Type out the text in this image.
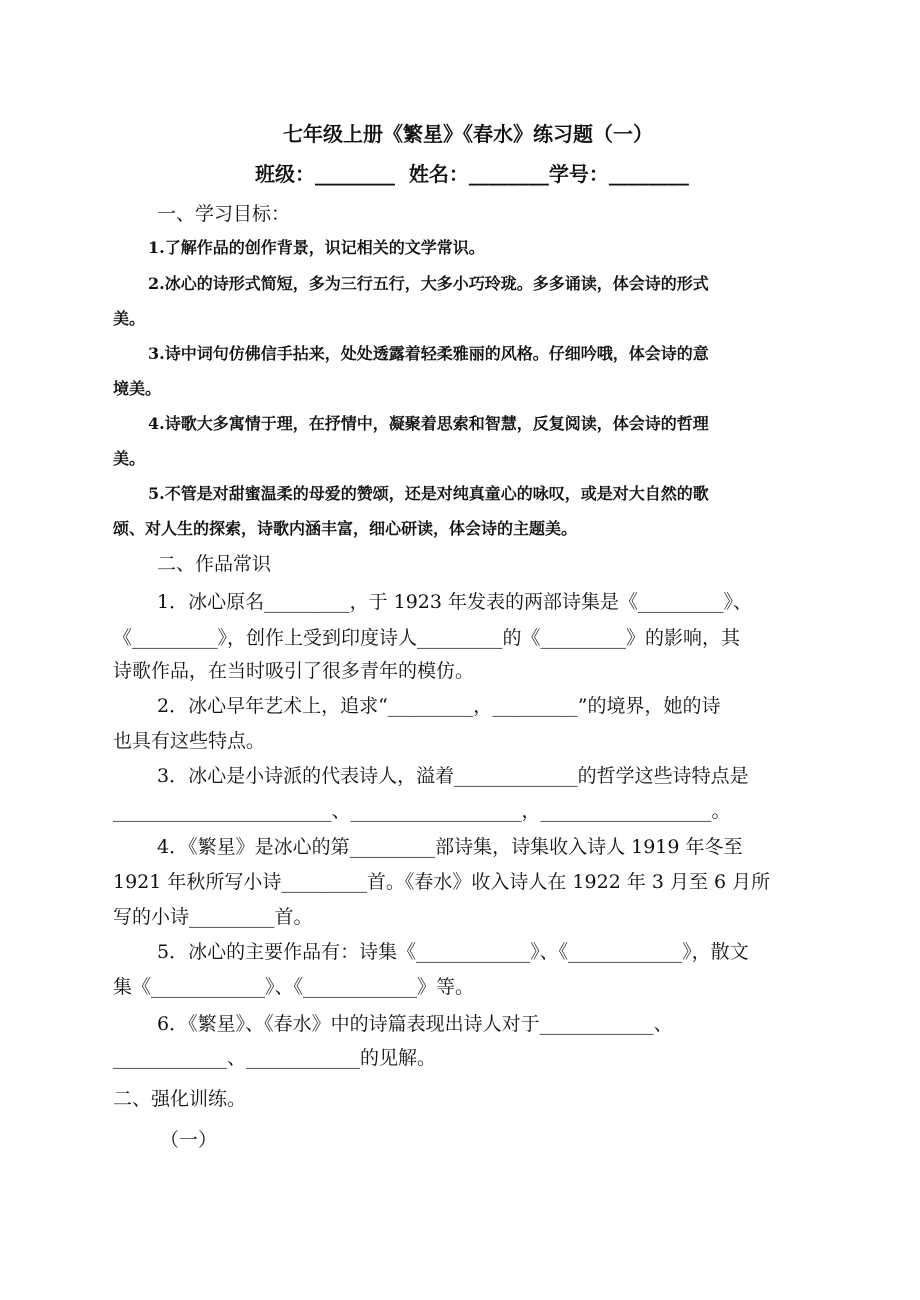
七年级上册《繁星》《春水》练习题（一）
班级：________  姓名：________学号：________
一、学习目标：
1.了解作品的创作背景，识记相关的文学常识。
2.冰心的诗形式简短，多为三行五行，大多小巧玲珑。多多诵读，体会诗的形式
美。
3.诗中词句仿佛信手拈来，处处透露着轻柔雅丽的风格。仔细吟哦，体会诗的意
境美。
4.诗歌大多寓情于理，在抒情中，凝聚着思索和智慧，反复阅读，体会诗的哲理
美。
5.不管是对甜蜜温柔的母爱的赞颂，还是对纯真童心的咏叹，或是对大自然的歌
颂、对人生的探索，诗歌内涵丰富，细心研读，体会诗的主题美。
二、作品常识
1．冰心原名_________，于 1923 年发表的两部诗集是《_________》、
《_________》，创作上受到印度诗人_________的《_________》的影响，其
诗歌作品，在当时吸引了很多青年的模仿。
2．冰心早年艺术上，追求“_________，_________”的境界，她的诗
也具有这些特点。
3．冰心是小诗派的代表诗人，溢着_____________的哲学这些诗特点是
_______________________、__________________，__________________。
4．《繁星》是冰心的第_________部诗集，诗集收入诗人 1919 年冬至
1921 年秋所写小诗_________首。《春水》收入诗人在 1922 年 3 月至 6 月所
写的小诗_________首。
5．冰心的主要作品有：诗集《____________》、《____________》，散文
集《____________》、《____________》等。
6．《繁星》、《春水》中的诗篇表现出诗人对于____________、
____________、____________的见解。
二、强化训练。
（一）
